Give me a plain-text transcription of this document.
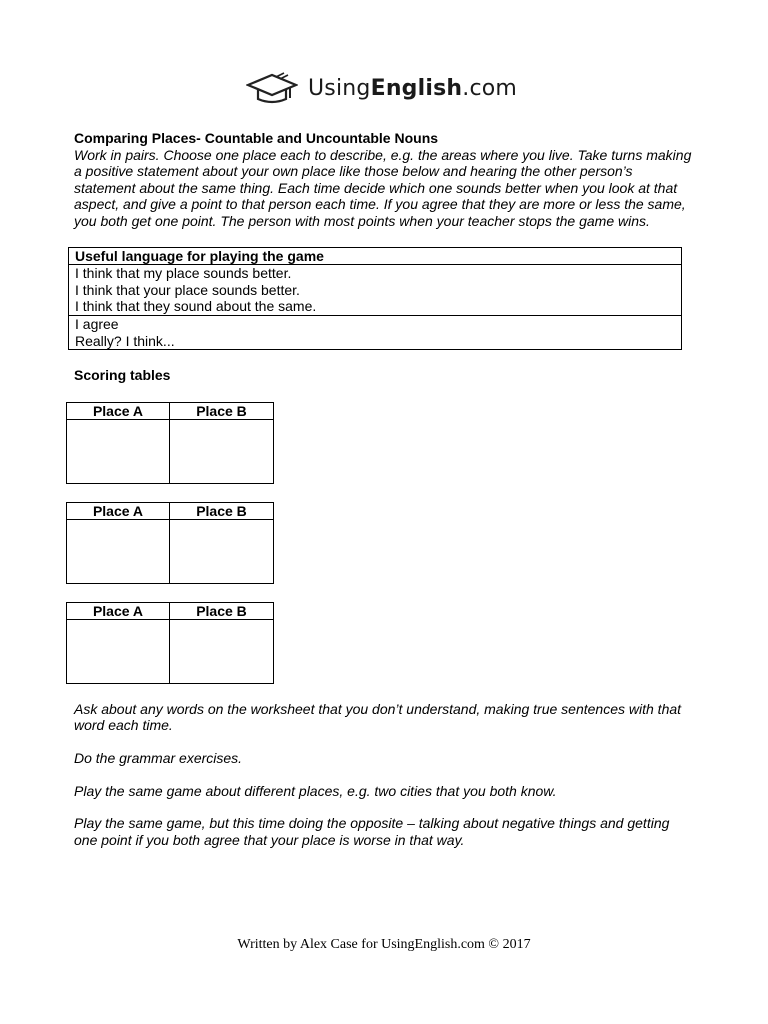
UsingEnglish.com

Comparing Places- Countable and Uncountable Nouns

Work in pairs. Choose one place each to describe, e.g. the areas where you live. Take turns making a positive statement about your own place like those below and hearing the other person’s statement about the same thing. Each time decide which one sounds better when you look at that aspect, and give a point to that person each time. If you agree that they are more or less the same, you both get one point. The person with most points when your teacher stops the game wins.

Useful language for playing the game

I think that my place sounds better.
I think that your place sounds better.
I think that they sound about the same.

I agree
Really? I think...
Scoring tables
Place A	Place B

Place A	Place B

Place A	Place B

Ask about any words on the worksheet that you don’t understand, making true sentences with that word each time.

Do the grammar exercises.

Play the same game about different places, e.g. two cities that you both know.

Play the same game, but this time doing the opposite – talking about negative things and getting one point if you both agree that your place is worse in that way.

Written by Alex Case for UsingEnglish.com © 2017
